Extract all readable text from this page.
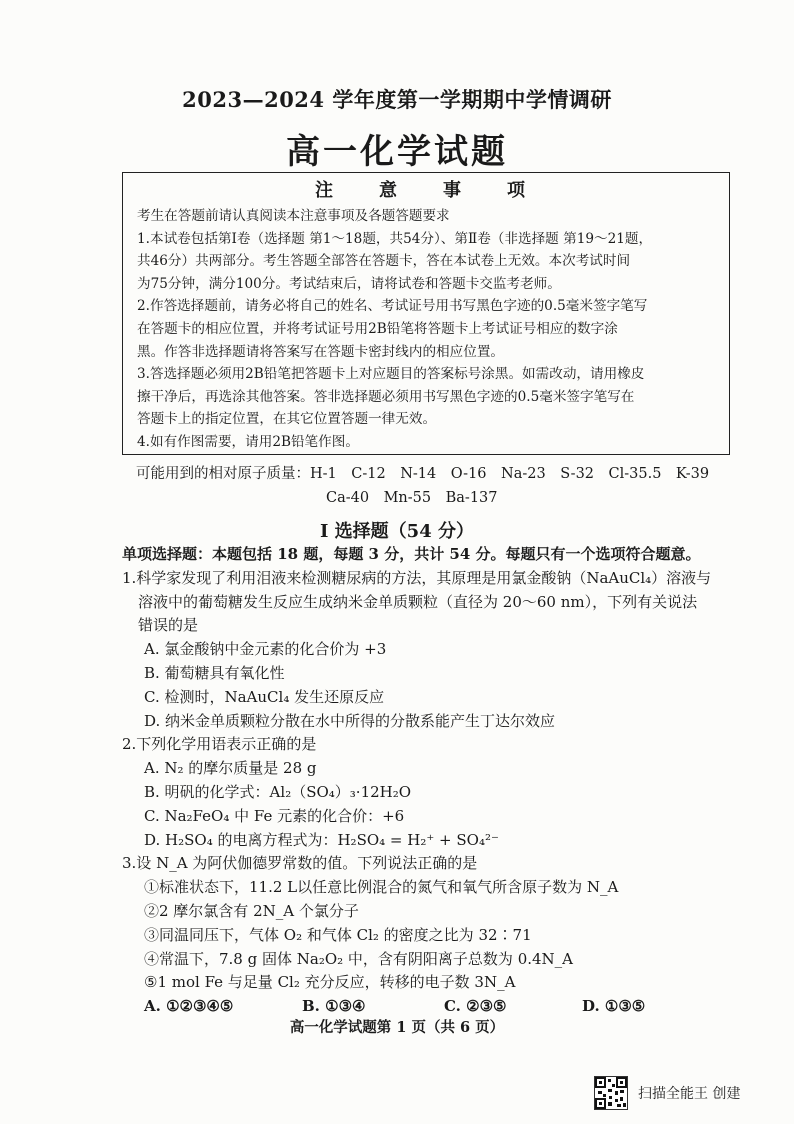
2023—2024 学年度第一学期期中学情调研
高一化学试题
注　意　事　项
考生在答题前请认真阅读本注意事项及各题答题要求
1.本试卷包括第Ⅰ卷（选择题 第1～18题，共54分）、第Ⅱ卷（非选择题 第19～21题，
共46分）共两部分。考生答题全部答在答题卡，答在本试卷上无效。本次考试时间
为75分钟，满分100分。考试结束后，请将试卷和答题卡交监考老师。
2.作答选择题前，请务必将自己的姓名、考试证号用书写黑色字迹的0.5毫米签字笔写
在答题卡的相应位置，并将考试证号用2B铅笔将答题卡上考试证号相应的数字涂
黑。作答非选择题请将答案写在答题卡密封线内的相应位置。
3.答选择题必须用2B铅笔把答题卡上对应题目的答案标号涂黑。如需改动，请用橡皮
擦干净后，再选涂其他答案。答非选择题必须用书写黑色字迹的0.5毫米签字笔写在
答题卡上的指定位置，在其它位置答题一律无效。
4.如有作图需要，请用2B铅笔作图。
可能用到的相对原子质量：H-1　C-12　N-14　O-16　Na-23　S-32　Cl-35.5　K-39
Ca-40　Mn-55　Ba-137
Ⅰ 选择题（54 分）
单项选择题：本题包括 18 题，每题 3 分，共计 54 分。每题只有一个选项符合题意。
1.科学家发现了利用泪液来检测糖尿病的方法，其原理是用氯金酸钠（NaAuCl₄）溶液与
溶液中的葡萄糖发生反应生成纳米金单质颗粒（直径为 20～60 nm），下列有关说法
错误的是
A. 氯金酸钠中金元素的化合价为 +3
B. 葡萄糖具有氧化性
C. 检测时，NaAuCl₄ 发生还原反应
D. 纳米金单质颗粒分散在水中所得的分散系能产生丁达尔效应
2.下列化学用语表示正确的是
A. N₂ 的摩尔质量是 28 g
B. 明矾的化学式：Al₂（SO₄）₃·12H₂O
C. Na₂FeO₄ 中 Fe 元素的化合价：+6
D. H₂SO₄ 的电离方程式为：H₂SO₄ = H₂⁺ + SO₄²⁻
3.设 N_A 为阿伏伽德罗常数的值。下列说法正确的是
①标准状态下，11.2 L以任意比例混合的氮气和氧气所含原子数为 N_A
②2 摩尔氯含有 2N_A 个氯分子
③同温同压下，气体 O₂ 和气体 Cl₂ 的密度之比为 32∶71
④常温下，7.8 g 固体 Na₂O₂ 中，含有阴阳离子总数为 0.4N_A
⑤1 mol Fe 与足量 Cl₂ 充分反应，转移的电子数 3N_A
A. ①②③④⑤	B. ①③④	C. ②③⑤	D. ①③⑤
高一化学试题第 1 页（共 6 页）
扫描全能王 创建
